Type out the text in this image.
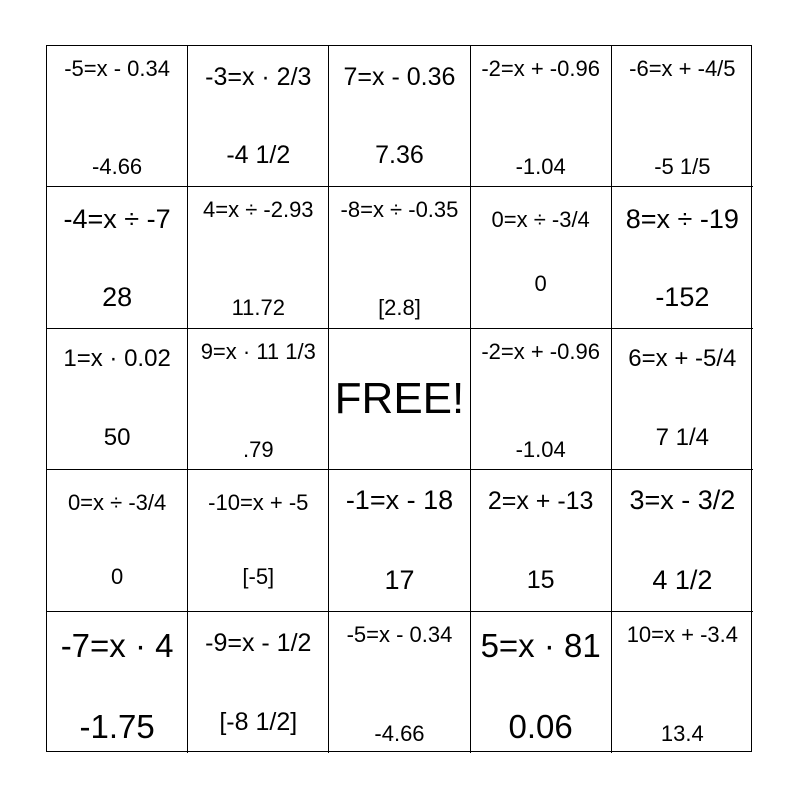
-5=x - 0.34
-4.66
-3=x · 2/3
-4 1/2
7=x - 0.36
7.36
-2=x + -0.96
-1.04
-6=x + -4/5
-5 1/5
-4=x ÷ -7
28
4=x ÷ -2.93
11.72
-8=x ÷ -0.35
[2.8]
0=x ÷ -3/4
0
8=x ÷ -19
-152
1=x · 0.02
50
9=x · 11 1/3
.79
FREE!
-2=x + -0.96
-1.04
6=x + -5/4
7 1/4
0=x ÷ -3/4
0
-10=x + -5
[-5]
-1=x - 18
17
2=x + -13
15
3=x - 3/2
4 1/2
-7=x · 4
-1.75
-9=x - 1/2
[-8 1/2]
-5=x - 0.34
-4.66
5=x · 81
0.06
10=x + -3.4
13.4
